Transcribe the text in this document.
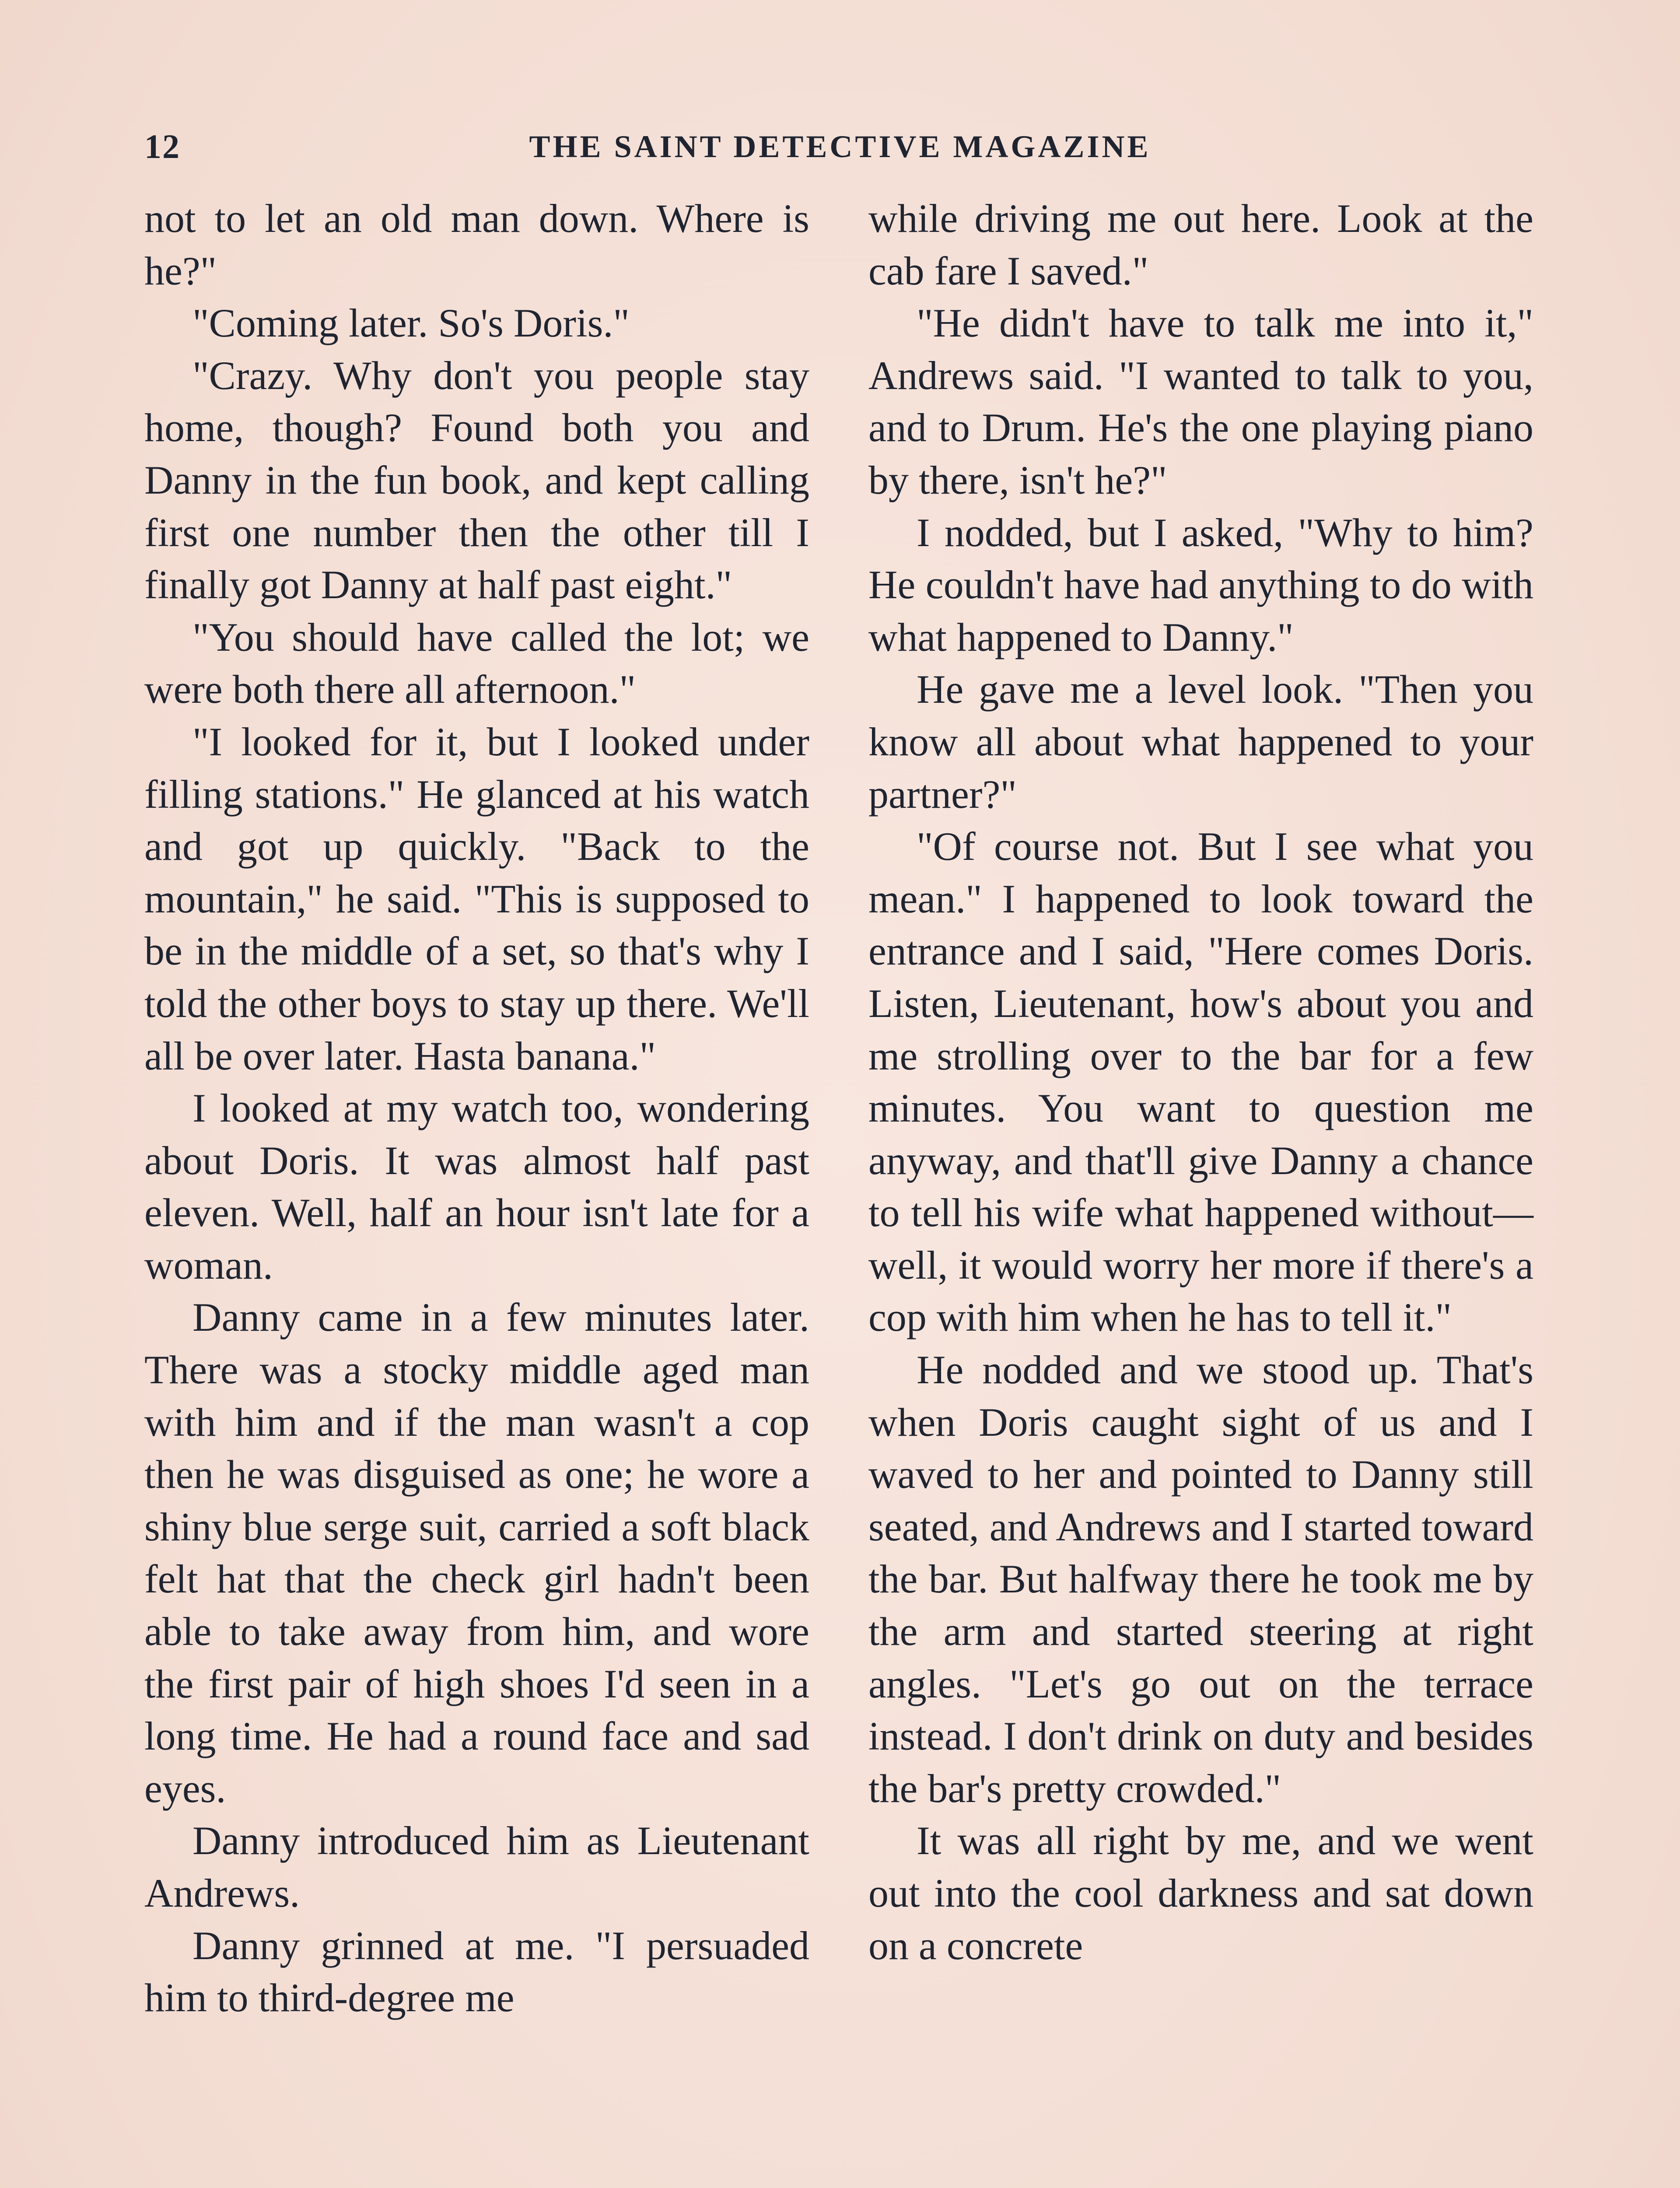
12	THE SAINT DETECTIVE MAGAZINE

not to let an old man down. Where is he?"

"Coming later. So's Doris."

"Crazy. Why don't you people stay home, though? Found both you and Danny in the fun book, and kept calling first one number then the other till I finally got Danny at half past eight."

"You should have called the lot; we were both there all afternoon."

"I looked for it, but I looked under filling stations." He glanced at his watch and got up quickly. "Back to the mountain," he said. "This is supposed to be in the middle of a set, so that's why I told the other boys to stay up there. We'll all be over later. Hasta banana."

I looked at my watch too, wondering about Doris. It was almost half past eleven. Well, half an hour isn't late for a woman.

Danny came in a few minutes later. There was a stocky middle aged man with him and if the man wasn't a cop then he was disguised as one; he wore a shiny blue serge suit, carried a soft black felt hat that the check girl hadn't been able to take away from him, and wore the first pair of high shoes I'd seen in a long time. He had a round face and sad eyes.

Danny introduced him as Lieutenant Andrews.

Danny grinned at me. "I persuaded him to third-degree me

while driving me out here. Look at the cab fare I saved."

"He didn't have to talk me into it," Andrews said. "I wanted to talk to you, and to Drum. He's the one playing piano by there, isn't he?"

I nodded, but I asked, "Why to him? He couldn't have had anything to do with what happened to Danny."

He gave me a level look. "Then you know all about what happened to your partner?"

"Of course not. But I see what you mean." I happened to look toward the entrance and I said, "Here comes Doris. Listen, Lieutenant, how's about you and me strolling over to the bar for a few minutes. You want to question me anyway, and that'll give Danny a chance to tell his wife what happened without—well, it would worry her more if there's a cop with him when he has to tell it."

He nodded and we stood up. That's when Doris caught sight of us and I waved to her and pointed to Danny still seated, and Andrews and I started toward the bar. But halfway there he took me by the arm and started steering at right angles. "Let's go out on the terrace instead. I don't drink on duty and besides the bar's pretty crowded."

It was all right by me, and we went out into the cool darkness and sat down on a concrete
